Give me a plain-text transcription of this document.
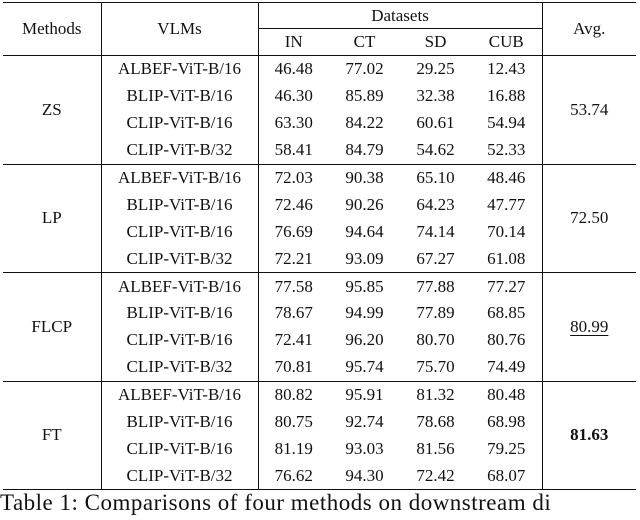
Methods	VLMs	Datasets				Avg.
		IN	CT	SD	CUB	
ZS	ALBEF-ViT-B/16	46.48	77.02	29.25	12.43	53.74
	BLIP-ViT-B/16	46.30	85.89	32.38	16.88	
	CLIP-ViT-B/16	63.30	84.22	60.61	54.94	
	CLIP-ViT-B/32	58.41	84.79	54.62	52.33	
LP	ALBEF-ViT-B/16	72.03	90.38	65.10	48.46	72.50
	BLIP-ViT-B/16	72.46	90.26	64.23	47.77	
	CLIP-ViT-B/16	76.69	94.64	74.14	70.14	
	CLIP-ViT-B/32	72.21	93.09	67.27	61.08	
FLCP	ALBEF-ViT-B/16	77.58	95.85	77.88	77.27	80.99
	BLIP-ViT-B/16	78.67	94.99	77.89	68.85	
	CLIP-ViT-B/16	72.41	96.20	80.70	80.76	
	CLIP-ViT-B/32	70.81	95.74	75.70	74.49	
FT	ALBEF-ViT-B/16	80.82	95.91	81.32	80.48	81.63
	BLIP-ViT-B/16	80.75	92.74	78.68	68.98	
	CLIP-ViT-B/16	81.19	93.03	81.56	79.25	
	CLIP-ViT-B/32	76.62	94.30	72.42	68.07	
Table 1: Comparisons of four methods on downstream di
